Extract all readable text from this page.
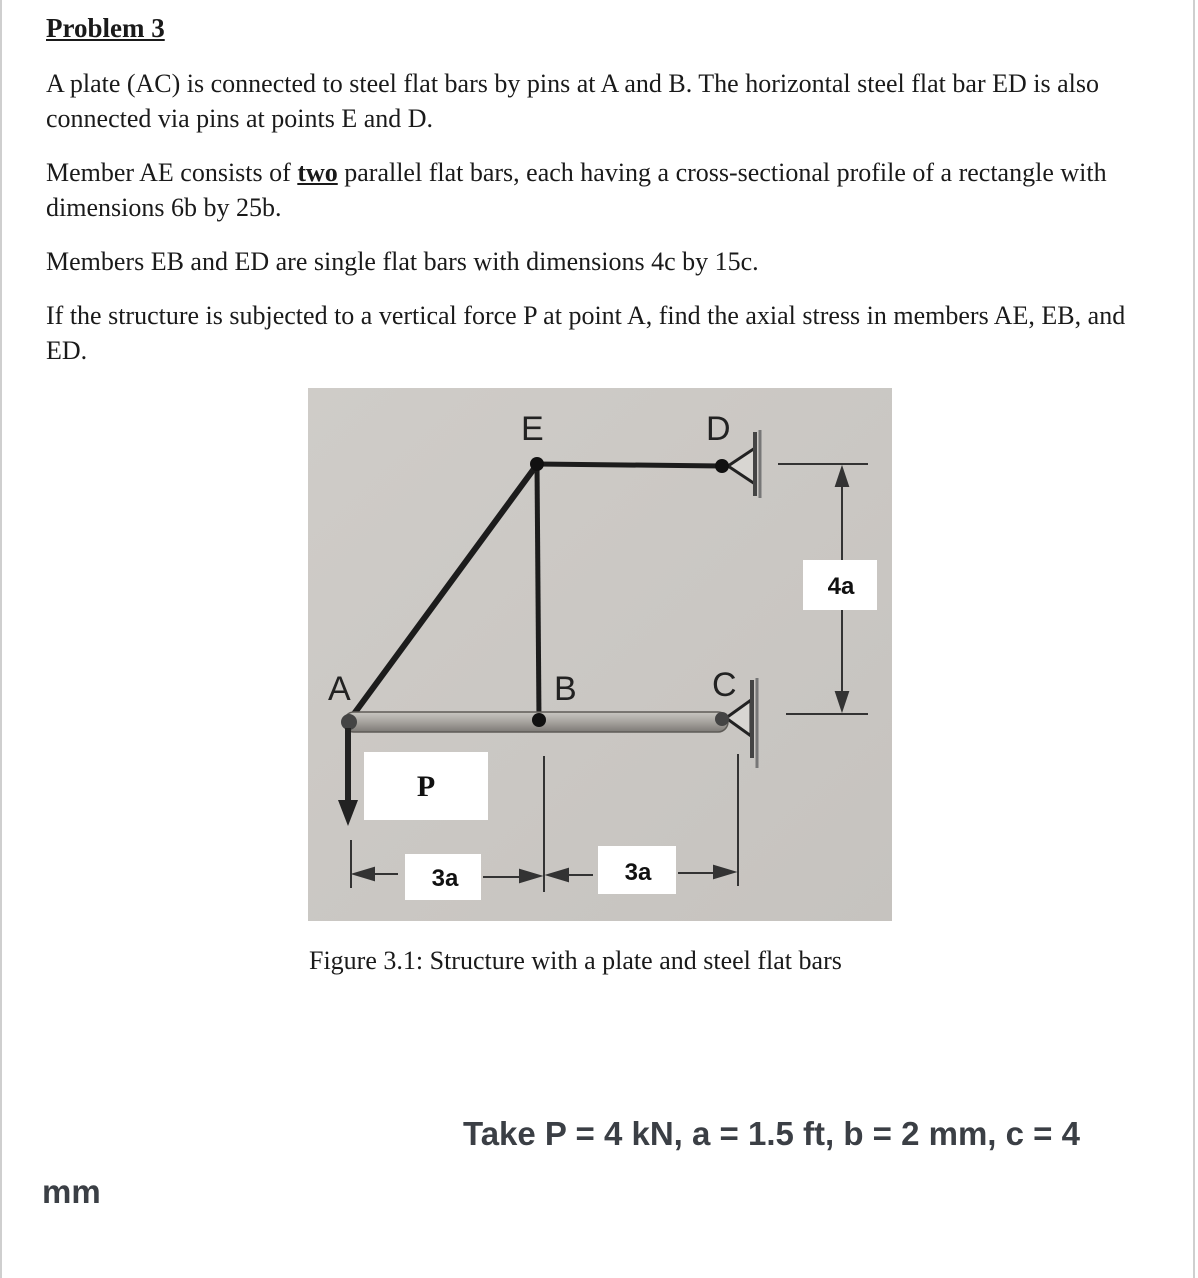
Problem 3

A plate (AC) is connected to steel flat bars by pins at A and B. The horizontal steel flat bar ED is also connected via pins at points E and D.

Member AE consists of two parallel flat bars, each having a cross-sectional profile of a rectangle with dimensions 6b by 25b.

Members EB and ED are single flat bars with dimensions 4c by 15c.

If the structure is subjected to a vertical force P at point A, find the axial stress in members AE, EB, and ED.

E	D
A	B	C
P
4a
3a	3a

Figure 3.1: Structure with a plate and steel flat bars

Take P = 4 kN, a = 1.5 ft, b = 2 mm, c = 4

mm
